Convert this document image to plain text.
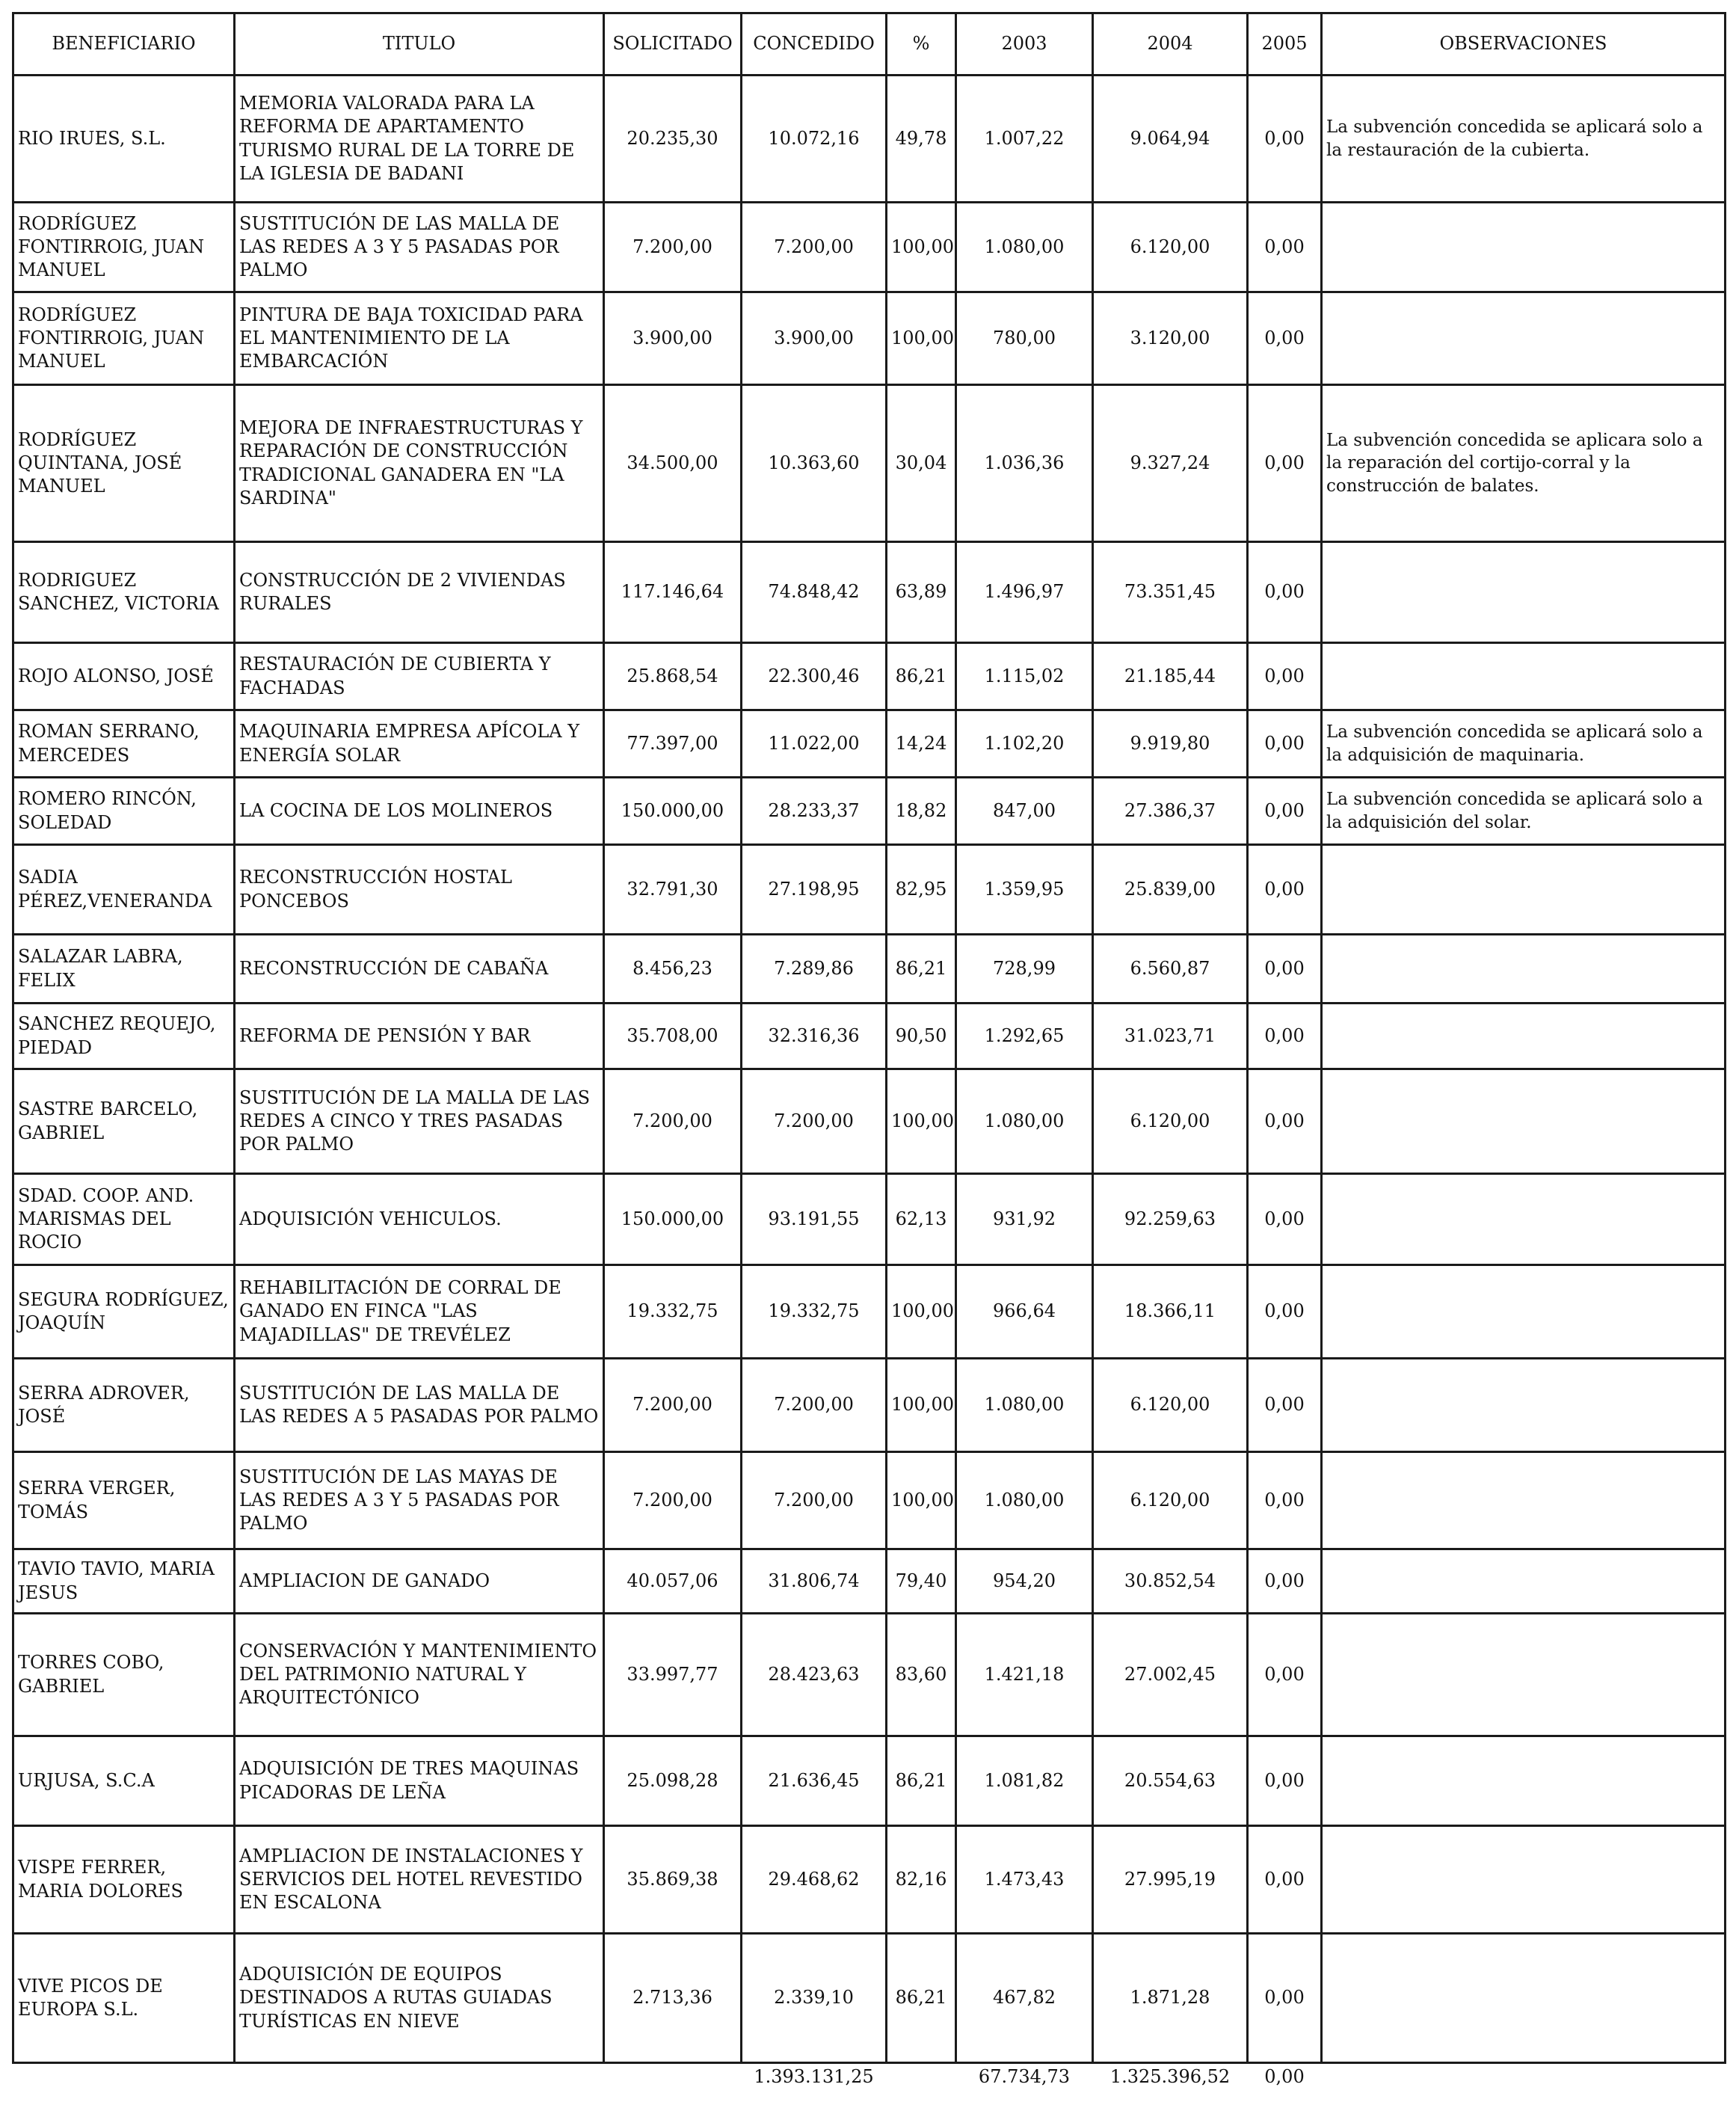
BENEFICIARIO	TITULO	SOLICITADO	CONCEDIDO	%	2003	2004	2005	OBSERVACIONES
RIO IRUES, S.L.	MEMORIA VALORADA PARA LA REFORMA DE APARTAMENTO TURISMO RURAL DE LA TORRE DE LA IGLESIA DE BADANI	20.235,30	10.072,16	49,78	1.007,22	9.064,94	0,00	La subvención concedida se aplicará solo a la restauración de la cubierta.
RODRÍGUEZ FONTIRROIG, JUAN MANUEL	SUSTITUCIÓN DE LAS MALLA DE LAS REDES A 3 Y 5 PASADAS POR PALMO	7.200,00	7.200,00	100,00	1.080,00	6.120,00	0,00	
RODRÍGUEZ FONTIRROIG, JUAN MANUEL	PINTURA DE BAJA TOXICIDAD PARA EL MANTENIMIENTO DE LA EMBARCACIÓN	3.900,00	3.900,00	100,00	780,00	3.120,00	0,00	
RODRÍGUEZ QUINTANA, JOSÉ MANUEL	MEJORA DE INFRAESTRUCTURAS Y REPARACIÓN DE CONSTRUCCIÓN TRADICIONAL GANADERA EN "LA SARDINA"	34.500,00	10.363,60	30,04	1.036,36	9.327,24	0,00	La subvención concedida se aplicara solo a la reparación del cortijo-corral y la construcción de balates.
RODRIGUEZ SANCHEZ, VICTORIA	CONSTRUCCIÓN DE 2 VIVIENDAS RURALES	117.146,64	74.848,42	63,89	1.496,97	73.351,45	0,00	
ROJO ALONSO, JOSÉ	RESTAURACIÓN DE CUBIERTA Y FACHADAS	25.868,54	22.300,46	86,21	1.115,02	21.185,44	0,00	
ROMAN SERRANO, MERCEDES	MAQUINARIA EMPRESA APÍCOLA Y ENERGÍA SOLAR	77.397,00	11.022,00	14,24	1.102,20	9.919,80	0,00	La subvención concedida se aplicará solo a la adquisición de maquinaria.
ROMERO RINCÓN, SOLEDAD	LA COCINA DE LOS MOLINEROS	150.000,00	28.233,37	18,82	847,00	27.386,37	0,00	La subvención concedida se aplicará solo a la adquisición del solar.
SADIA PÉREZ,VENERANDA	RECONSTRUCCIÓN HOSTAL PONCEBOS	32.791,30	27.198,95	82,95	1.359,95	25.839,00	0,00	
SALAZAR LABRA, FELIX	RECONSTRUCCIÓN DE CABAÑA	8.456,23	7.289,86	86,21	728,99	6.560,87	0,00	
SANCHEZ REQUEJO, PIEDAD	REFORMA DE PENSIÓN Y BAR	35.708,00	32.316,36	90,50	1.292,65	31.023,71	0,00	
SASTRE BARCELO, GABRIEL	SUSTITUCIÓN DE LA MALLA DE LAS REDES A CINCO Y TRES PASADAS POR PALMO	7.200,00	7.200,00	100,00	1.080,00	6.120,00	0,00	
SDAD. COOP. AND. MARISMAS DEL ROCIO	ADQUISICIÓN VEHICULOS.	150.000,00	93.191,55	62,13	931,92	92.259,63	0,00	
SEGURA RODRÍGUEZ, JOAQUÍN	REHABILITACIÓN DE CORRAL DE GANADO EN FINCA "LAS MAJADILLAS" DE TREVÉLEZ	19.332,75	19.332,75	100,00	966,64	18.366,11	0,00	
SERRA ADROVER, JOSÉ	SUSTITUCIÓN DE LAS MALLA DE LAS REDES A 5 PASADAS POR PALMO	7.200,00	7.200,00	100,00	1.080,00	6.120,00	0,00	
SERRA VERGER, TOMÁS	SUSTITUCIÓN DE LAS MAYAS DE LAS REDES A 3 Y 5 PASADAS POR PALMO	7.200,00	7.200,00	100,00	1.080,00	6.120,00	0,00	
TAVIO TAVIO, MARIA JESUS	AMPLIACION DE GANADO	40.057,06	31.806,74	79,40	954,20	30.852,54	0,00	
TORRES COBO, GABRIEL	CONSERVACIÓN Y MANTENIMIENTO DEL PATRIMONIO NATURAL Y ARQUITECTÓNICO	33.997,77	28.423,63	83,60	1.421,18	27.002,45	0,00	
URJUSA, S.C.A	ADQUISICIÓN DE TRES MAQUINAS PICADORAS DE LEÑA	25.098,28	21.636,45	86,21	1.081,82	20.554,63	0,00	
VISPE FERRER, MARIA DOLORES	AMPLIACION DE INSTALACIONES Y SERVICIOS DEL HOTEL REVESTIDO EN ESCALONA	35.869,38	29.468,62	82,16	1.473,43	27.995,19	0,00	
VIVE PICOS DE EUROPA S.L.	ADQUISICIÓN DE EQUIPOS DESTINADOS A RUTAS GUIADAS TURÍSTICAS EN NIEVE	2.713,36	2.339,10	86,21	467,82	1.871,28	0,00	
			1.393.131,25		67.734,73	1.325.396,52	0,00	
